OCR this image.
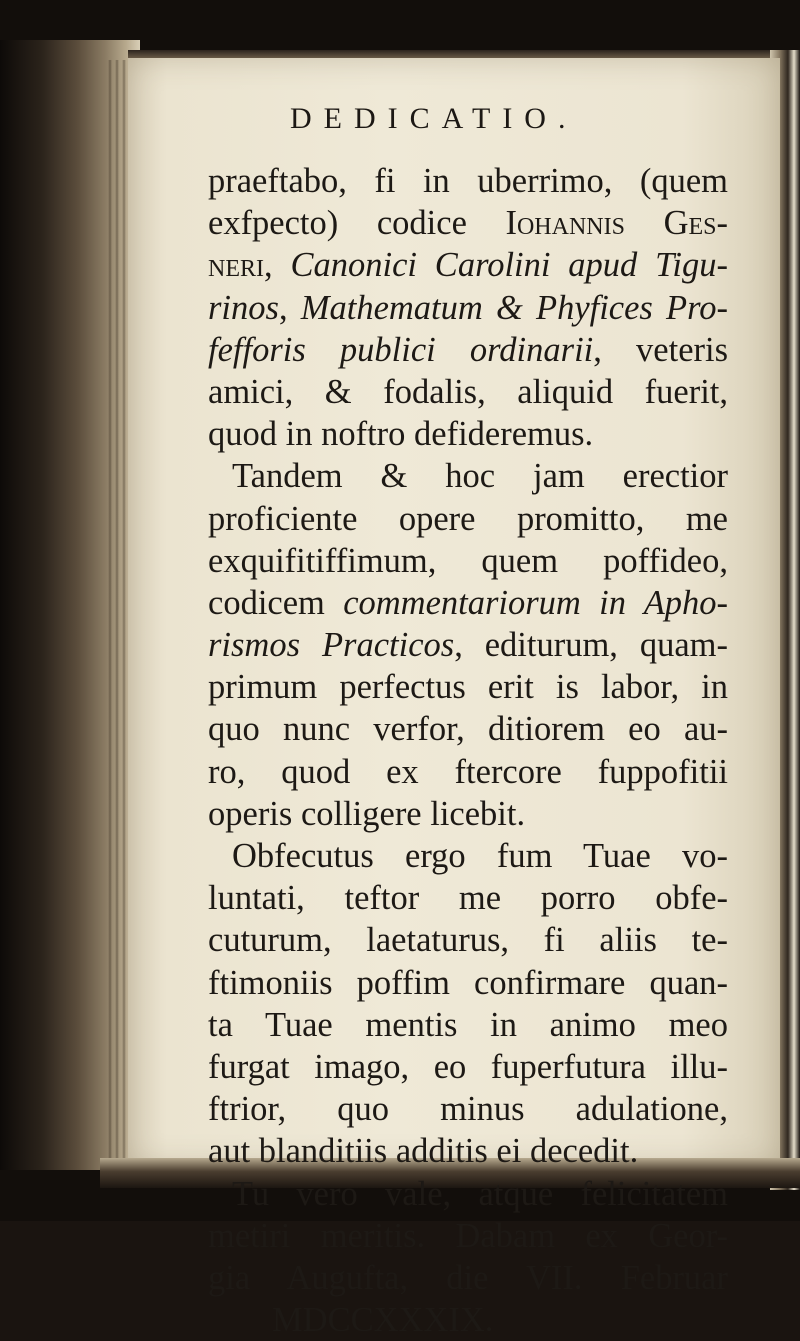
DEDICATIO.
praeftabo, fi in uberrimo, (quem
exfpecto) codice Iohannis Ges-
neri, Canonici Carolini apud Tigu-
rinos, Mathematum & Phyfices Pro-
fefforis publici ordinarii, veteris
amici, & fodalis, aliquid fuerit,
quod in noftro defideremus.
Tandem & hoc jam erectior
proficiente opere promitto, me
exquifitiffimum, quem poffideo,
codicem commentariorum in Apho-
rismos Practicos, editurum, quam-
primum perfectus erit is labor, in
quo nunc verfor, ditiorem eo au-
ro, quod ex ftercore fuppofitii
operis colligere licebit.
Obfecutus ergo fum Tuae vo-
luntati, teftor me porro obfe-
cuturum, laetaturus, fi aliis te-
ftimoniis poffim confirmare quan-
ta Tuae mentis in animo meo
furgat imago, eo fuperfutura illu-
ftrior, quo minus adulatione,
aut blanditiis additis ei decedit.
Tu vero vale, atque felicitatem
metiri meritis. Dabam ex Geor-
gia Augufta, die VII. Februar
MDCCXXXIX.
